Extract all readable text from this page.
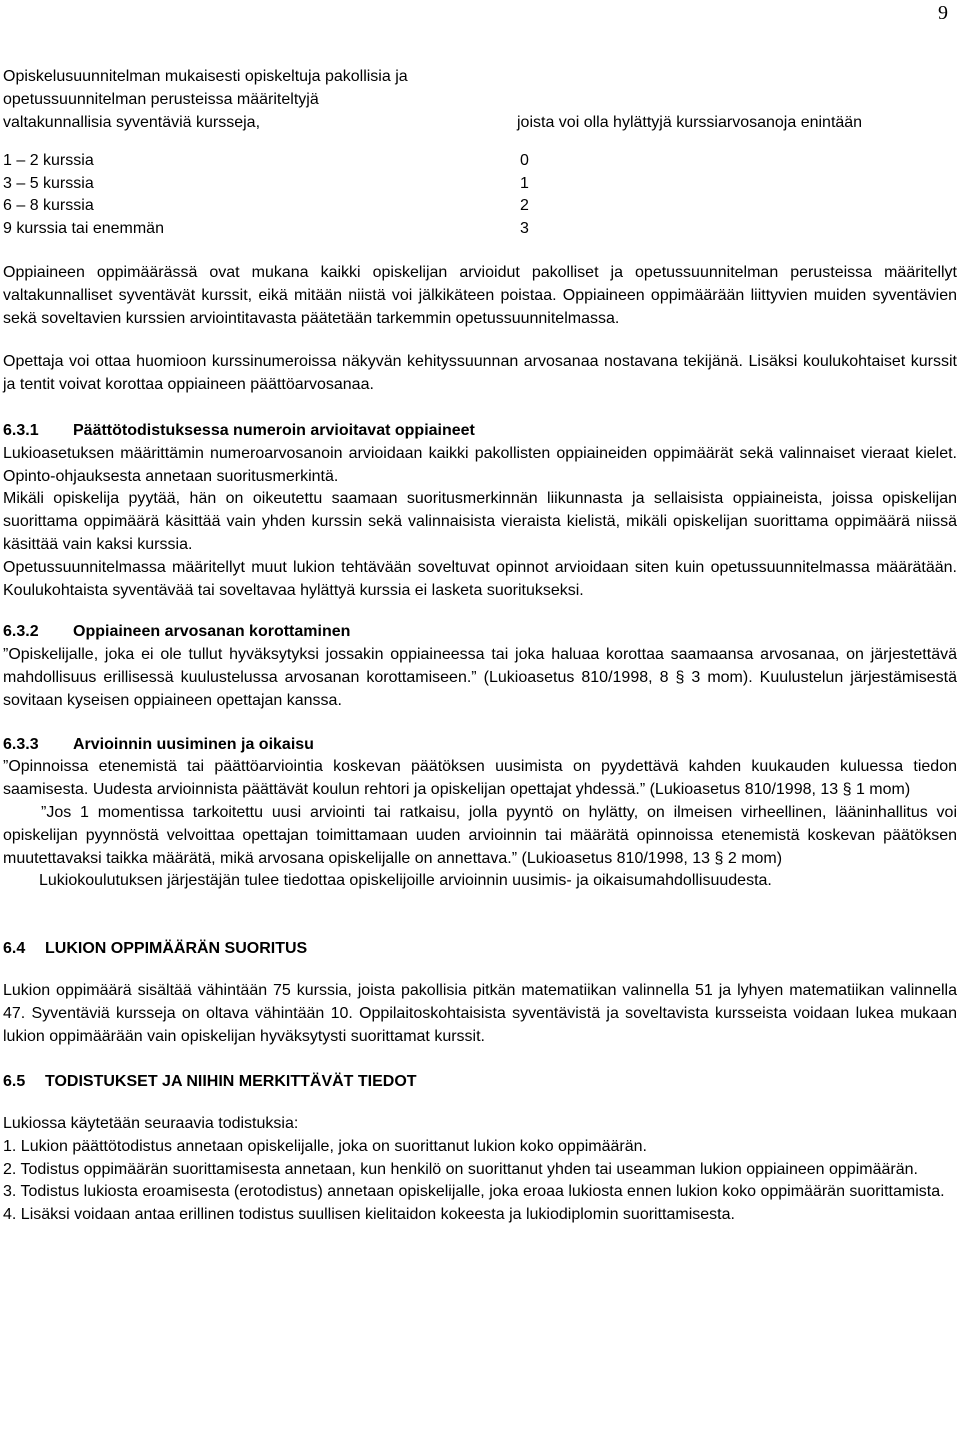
9
Opiskelusuunnitelman mukaisesti opiskeltuja pakollisia ja opetussuunnitelman perusteissa määriteltyjä valtakunnallisia syventäviä kursseja,	joista voi olla hylättyjä kurssiarvosanoja enintään
1 – 2 kurssia	0
3 – 5 kurssia	1
6 – 8 kurssia	2
9 kurssia tai enemmän	3

Oppiaineen oppimäärässä ovat mukana kaikki opiskelijan arvioidut pakolliset ja opetussuunnitelman perusteissa määritellyt valtakunnalliset syventävät kurssit, eikä mitään niistä voi jälkikäteen poistaa. Oppiaineen oppimäärään liittyvien muiden syventävien sekä soveltavien kurssien arviointitavasta päätetään tarkemmin opetussuunnitelmassa.

Opettaja voi ottaa huomioon kurssinumeroissa näkyvän kehityssuunnan arvosanaa nostavana tekijänä. Lisäksi koulukohtaiset kurssit ja tentit voivat korottaa oppiaineen päättöarvosanaa.

6.3.1	Päättötodistuksessa numeroin arvioitavat oppiaineet

Lukioasetuksen määrittämin numeroarvosanoin arvioidaan kaikki pakollisten oppiaineiden oppimäärät sekä valinnaiset vieraat kielet. Opinto-ohjauksesta annetaan suoritusmerkintä.

Mikäli opiskelija pyytää, hän on oikeutettu saamaan suoritusmerkinnän liikunnasta ja sellaisista oppiaineista, joissa opiskelijan suorittama oppimäärä käsittää vain yhden kurssin sekä valinnaisista vieraista kielistä, mikäli opiskelijan suorittama oppimäärä niissä käsittää vain kaksi kurssia.

Opetussuunnitelmassa määritellyt muut lukion tehtävään soveltuvat opinnot arvioidaan siten kuin opetussuunnitelmassa määrätään. Koulukohtaista syventävää tai soveltavaa hylättyä kurssia ei lasketa suoritukseksi.

6.3.2	Oppiaineen arvosanan korottaminen

”Opiskelijalle, joka ei ole tullut hyväksytyksi jossakin oppiaineessa tai joka haluaa korottaa saamaansa arvosanaa, on järjestettävä mahdollisuus erillisessä kuulustelussa arvosanan korottamiseen.” (Lukioasetus 810/1998, 8 § 3 mom). Kuulustelun järjestämisestä sovitaan kyseisen oppiaineen opettajan kanssa.

6.3.3	Arvioinnin uusiminen ja oikaisu

”Opinnoissa etenemistä tai päättöarviointia koskevan päätöksen uusimista on pyydettävä kahden kuukauden kuluessa tiedon saamisesta. Uudesta arvioinnista päättävät koulun rehtori ja opiskelijan opettajat yhdessä.” (Lukioasetus 810/1998, 13 § 1 mom)

”Jos 1 momentissa tarkoitettu uusi arviointi tai ratkaisu, jolla pyyntö on hylätty, on ilmeisen virheellinen, lääninhallitus voi opiskelijan pyynnöstä velvoittaa opettajan toimittamaan uuden arvioinnin tai määrätä opinnoissa etenemistä koskevan päätöksen muutettavaksi taikka määrätä, mikä arvosana opiskelijalle on annettava.” (Lukioasetus 810/1998, 13 § 2 mom)

Lukiokoulutuksen järjestäjän tulee tiedottaa opiskelijoille arvioinnin uusimis- ja oikaisumahdollisuudesta.

6.4	LUKION OPPIMÄÄRÄN SUORITUS

Lukion oppimäärä sisältää vähintään 75 kurssia, joista pakollisia pitkän matematiikan valinnella 51 ja lyhyen matematiikan valinnella 47. Syventäviä kursseja on oltava vähintään 10. Oppilaitoskohtaisista syventävistä ja soveltavista kursseista voidaan lukea mukaan lukion oppimäärään vain opiskelijan hyväksytysti suorittamat kurssit.

6.5	TODISTUKSET JA NIIHIN MERKITTÄVÄT TIEDOT

Lukiossa käytetään seuraavia todistuksia:

1. Lukion päättötodistus annetaan opiskelijalle, joka on suorittanut lukion koko oppimäärän.

2. Todistus oppimäärän suorittamisesta annetaan, kun henkilö on suorittanut yhden tai useamman lukion oppiaineen oppimäärän.

3. Todistus lukiosta eroamisesta (erotodistus) annetaan opiskelijalle, joka eroaa lukiosta ennen lukion koko oppimäärän suorittamista.

4. Lisäksi voidaan antaa erillinen todistus suullisen kielitaidon kokeesta ja lukiodiplomin suorittamisesta.
